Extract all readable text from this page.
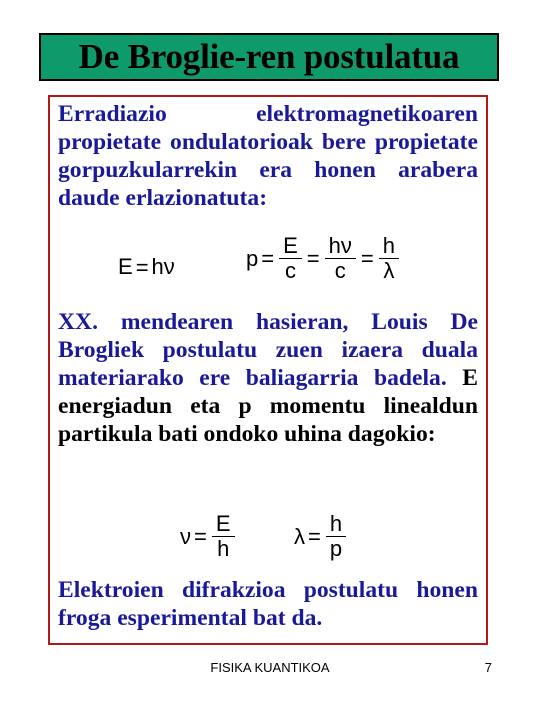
De Broglie-ren postulatua
Erradiazio elektromagnetikoaren propietate ondulatorioak bere propietate gorpuzkularrekin era honen arabera daude erlazionatuta:
E = hν	$p = \frac{E}{c} = \frac{h\nu}{c} = \frac{h}{\lambda}$
XX. mendearen hasieran, Louis De Brogliek postulatu zuen izaera duala materiarako ere baliagarria badela. E energiadun eta p momentu linealdun partikula bati ondoko uhina dagokio:
$\nu = \frac{E}{h}$	$\lambda = \frac{h}{p}$
Elektroien difrakzioa postulatu honen froga esperimental bat da.
FISIKA KUANTIKOA	7
